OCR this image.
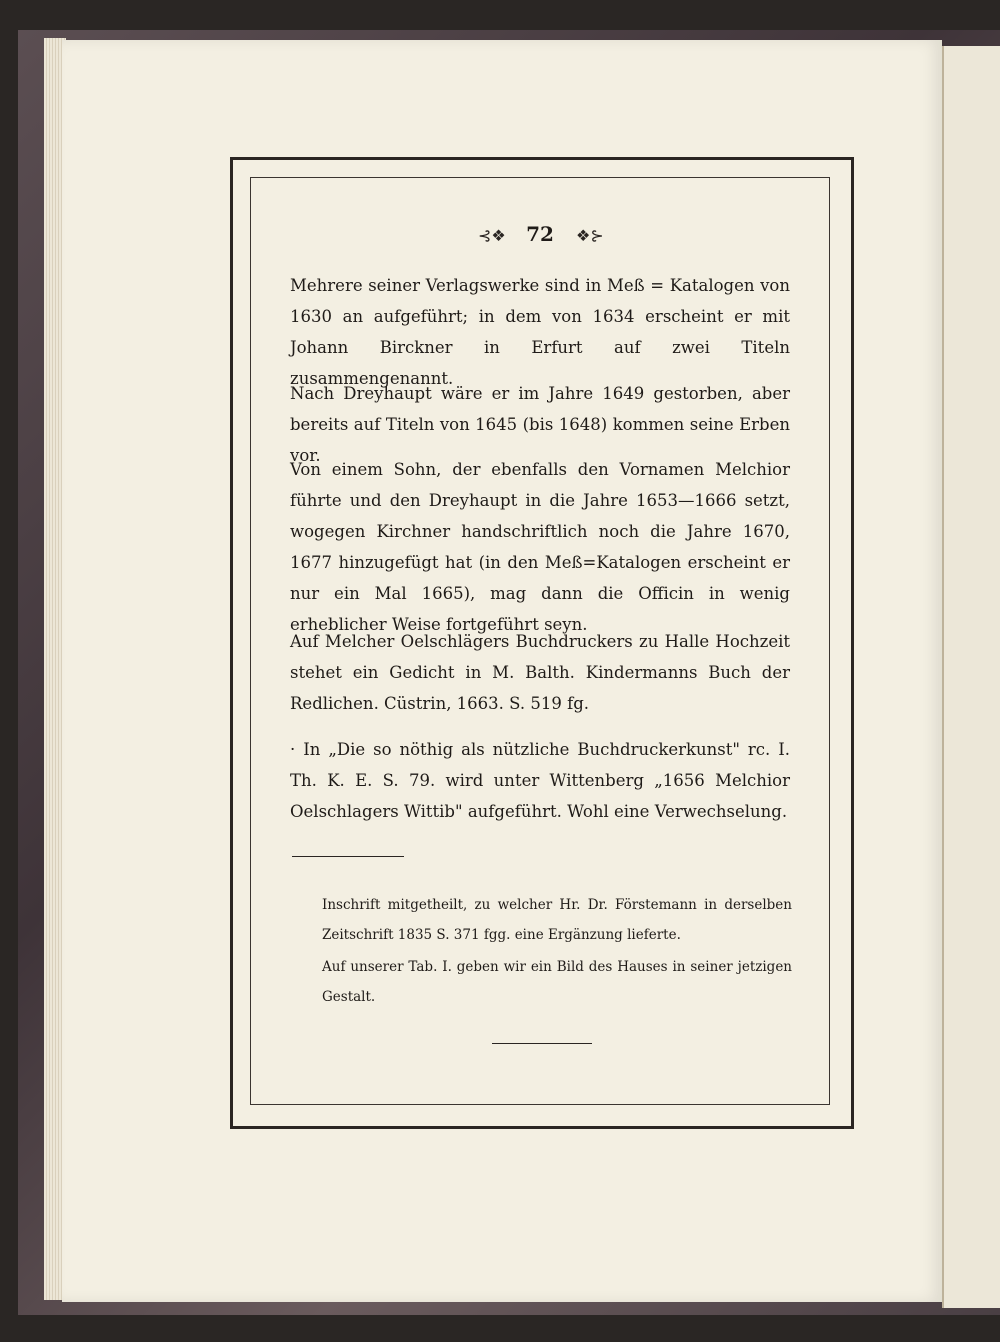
⊰❖	72	❖⊱

Mehrere seiner Verlagswerke sind in Meß = Katalogen von 1630 an aufgeführt; in dem von 1634 erscheint er mit Johann Birckner in Erfurt auf zwei Titeln zusammengenannt.

Nach Dreyhaupt wäre er im Jahre 1649 gestorben, aber bereits auf Titeln von 1645 (bis 1648) kommen seine Erben vor.

Von einem Sohn, der ebenfalls den Vornamen Melchior führte und den Dreyhaupt in die Jahre 1653—1666 setzt, wogegen Kirchner handschriftlich noch die Jahre 1670, 1677 hinzugefügt hat (in den Meß=Katalogen erscheint er nur ein Mal 1665), mag dann die Officin in wenig erheblicher Weise fortgeführt seyn.

Auf Melcher Oelschlägers Buchdruckers zu Halle Hochzeit stehet ein Gedicht in M. Balth. Kindermanns Buch der Redlichen. Cüstrin, 1663. S. 519 fg.

· In „Die so nöthig als nützliche Buchdruckerkunst" rc. I. Th. K. E. S. 79. wird unter Wittenberg „1656 Melchior Oelschlagers Wittib" aufgeführt. Wohl eine Verwechselung.

Inschrift mitgetheilt, zu welcher Hr. Dr. Förstemann in derselben Zeitschrift 1835 S. 371 fgg. eine Ergänzung lieferte.

Auf unserer Tab. I. geben wir ein Bild des Hauses in seiner jetzigen Gestalt.
